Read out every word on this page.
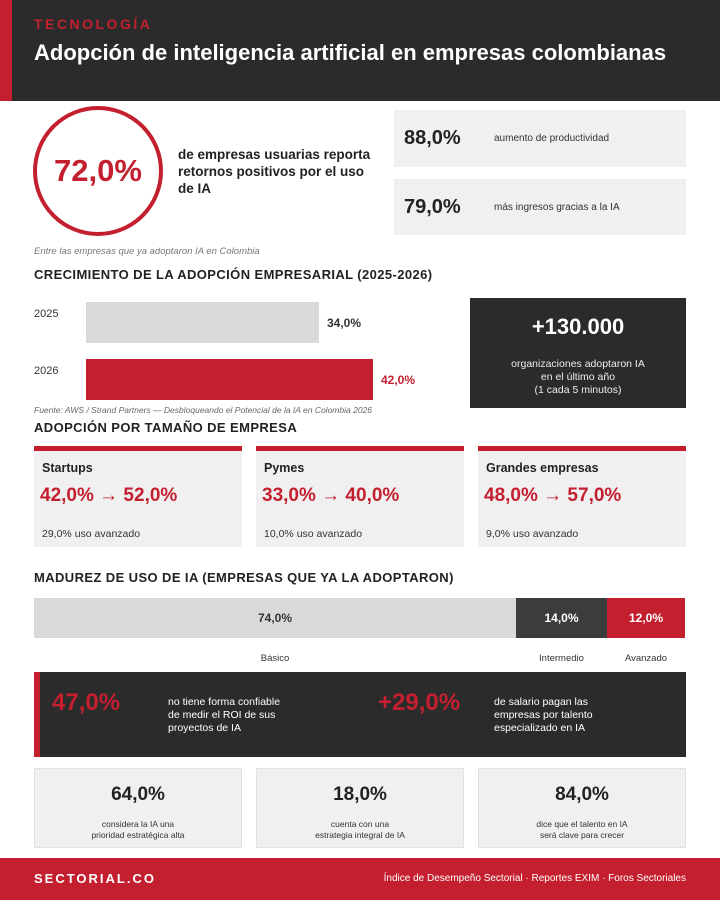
TECNOLOGÍA
Adopción de inteligencia artificial en empresas colombianas
72,0%	de empresas usuarias reporta retornos positivos por el uso de IA
Entre las empresas que ya adoptaron IA en Colombia
88,0%	aumento de productividad
79,0%	más ingresos gracias a la IA
CRECIMIENTO DE LA ADOPCIÓN EMPRESARIAL (2025-2026)
2025
2026
34,0%
42,0%
Fuente: AWS / Strand Partners — Desbloqueando el Potencial de la IA en Colombia 2026
+130.000
organizaciones adoptaron IA
en el último año
(1 cada 5 minutos)
ADOPCIÓN POR TAMAÑO DE EMPRESA
Startups
42,0% → 52,0%
29,0% uso avanzado
Pymes
33,0% → 40,0%
10,0% uso avanzado
Grandes empresas
48,0% → 57,0%
9,0% uso avanzado
MADUREZ DE USO DE IA (EMPRESAS QUE YA LA ADOPTARON)
74,0%	14,0%	12,0%
Básico	Intermedio	Avanzado
47,0%	no tiene forma confiable
de medir el ROI de sus
proyectos de IA
+29,0%	de salario pagan las
empresas por talento
especializado en IA
64,0%
considera la IA una
prioridad estratégica alta
18,0%
cuenta con una
estrategia integral de IA
84,0%
dice que el talento en IA
será clave para crecer
SECTORIAL.CO	Índice de Desempeño Sectorial · Reportes EXIM · Foros Sectoriales
